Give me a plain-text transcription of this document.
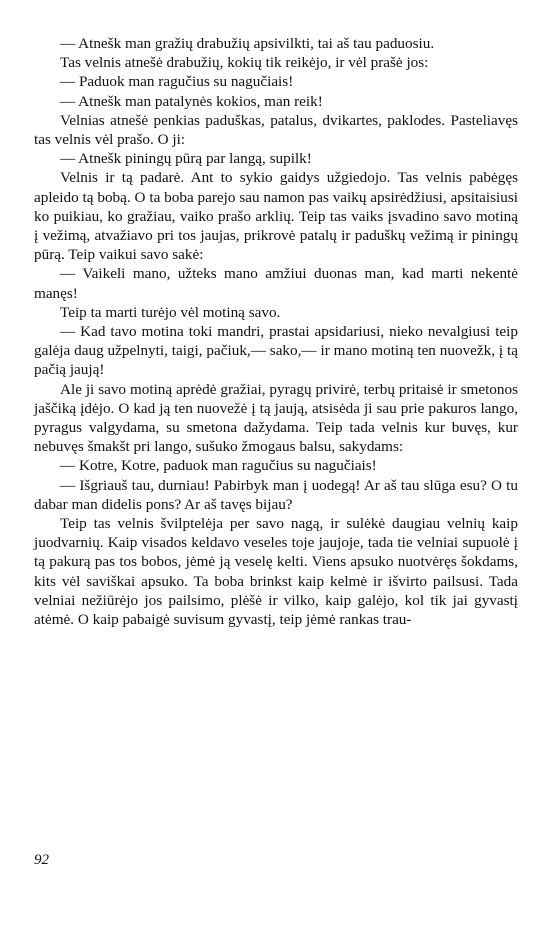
— Atnešk man gražių drabužių apsivilkti, tai aš tau paduosiu.

Tas velnis atnešė drabužių, kokių tik reikėjo, ir vėl prašė jos:

— Paduok man ragučius su nagučiais!

— Atnešk man patalynės kokios, man reik!

Velnias atnešė penkias paduškas, patalus, dvikartes, paklodes. Pasteliavęs tas velnis vėl prašo. O ji:

— Atnešk piningų pūrą par langą, supilk!

Velnis ir tą padarė. Ant to sykio gaidys užgiedojo. Tas velnis pabėgęs apleido tą bobą. O ta boba parejo sau namon pas vaikų apsirėdžiusi, apsitaisiusi ko puikiau, ko gražiau, vaiko prašo arklių. Teip tas vaiks įsvadino savo motiną į vežimą, atvažiavo pri tos jaujas, prikrovė patalų ir paduškų vežimą ir piningų pūrą. Teip vaikui savo sakė:

— Vaikeli mano, užteks mano amžiui duonas man, kad marti nekentė manęs!

Teip ta marti turėjo vėl motiną savo.

— Kad tavo motina toki mandri, prastai apsidariusi, nieko nevalgiusi teip galėja daug užpelnyti, taigi, pačiuk,— sako,— ir mano motiną ten nuovežk, į tą pačią jaują!

Ale ji savo motiną aprėdė gražiai, pyragų privirė, terbų pritaisė ir smetonos jaščiką įdėjo. O kad ją ten nuovežė į tą jaują, atsisėda ji sau prie pakuros lango, pyragus valgydama, su smetona dažydama. Teip tada velnis kur buvęs, kur nebuvęs šmakšt pri lango, sušuko žmogaus balsu, sakydams:

— Kotre, Kotre, paduok man ragučius su nagučiais!

— Išgriauš tau, durniau! Pabirbyk man į uodegą! Ar aš tau slūga esu? O tu dabar man didelis pons? Ar aš tavęs bijau?

Teip tas velnis švilptelėja per savo nagą, ir sulėkė daugiau velnių kaip juodvarnių. Kaip visados keldavo veseles toje jaujoje, tada tie velniai supuolė į tą pakurą pas tos bobos, jėmė ją veselę kelti. Viens apsuko nuotvėręs šokdams, kits vėl saviškai apsuko. Ta boba brinkst kaip kelmė ir išvirto pailsusi. Tada velniai nežiūrėjo jos pailsimo, plėšė ir vilko, kaip galėjo, kol tik jai gyvastį atėmė. O kaip pabaigė suvisum gyvastį, teip jėmė rankas trau-

92
